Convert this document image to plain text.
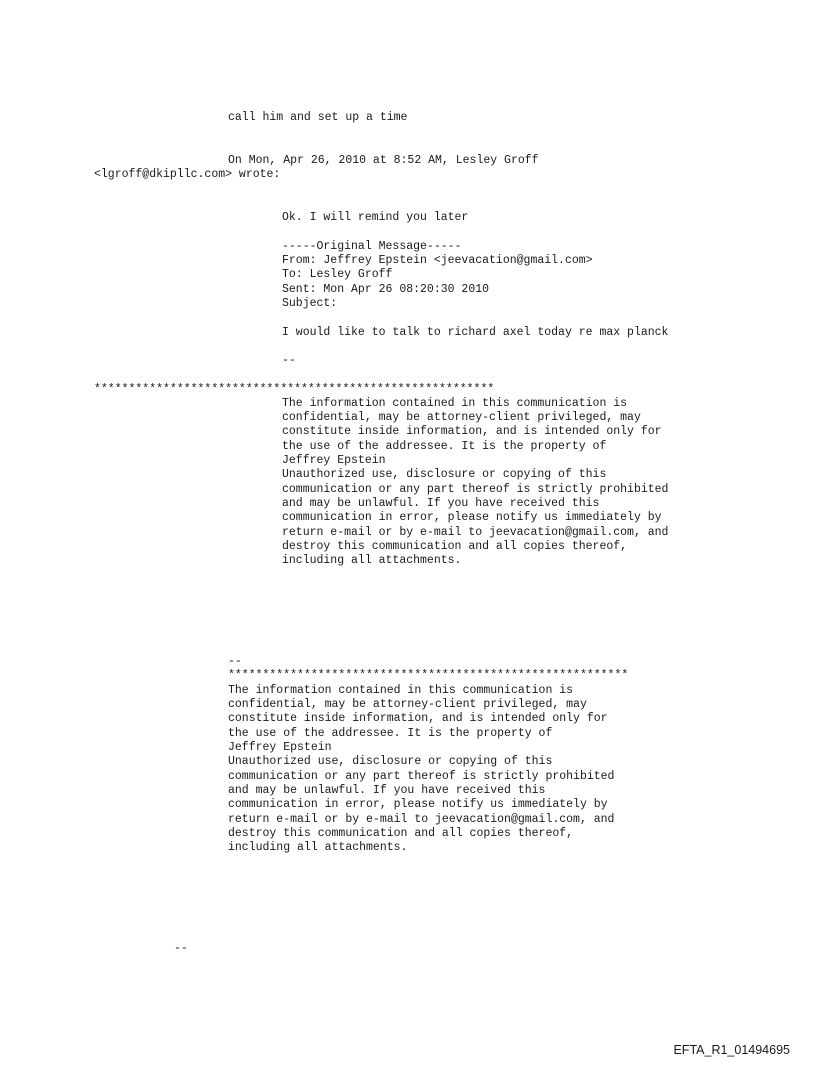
call him and set up a time
On Mon, Apr 26, 2010 at 8:52 AM, Lesley Groff
<lgroff@dkipllc.com> wrote:
Ok. I will remind you later
-----Original Message-----
From: Jeffrey Epstein <jeevacation@gmail.com>
To: Lesley Groff
Sent: Mon Apr 26 08:20:30 2010
Subject:
I would like to talk to richard axel today re max planck
--
**********************************************************
The information contained in this communication is
confidential, may be attorney-client privileged, may
constitute inside information, and is intended only for
the use of the addressee. It is the property of
Jeffrey Epstein
Unauthorized use, disclosure or copying of this
communication or any part thereof is strictly prohibited
and may be unlawful. If you have received this
communication in error, please notify us immediately by
return e-mail or by e-mail to jeevacation@gmail.com, and
destroy this communication and all copies thereof,
including all attachments.
--
**********************************************************
The information contained in this communication is
confidential, may be attorney-client privileged, may
constitute inside information, and is intended only for
the use of the addressee. It is the property of
Jeffrey Epstein
Unauthorized use, disclosure or copying of this
communication or any part thereof is strictly prohibited
and may be unlawful. If you have received this
communication in error, please notify us immediately by
return e-mail or by e-mail to jeevacation@gmail.com, and
destroy this communication and all copies thereof,
including all attachments.
--
EFTA_R1_01494695
